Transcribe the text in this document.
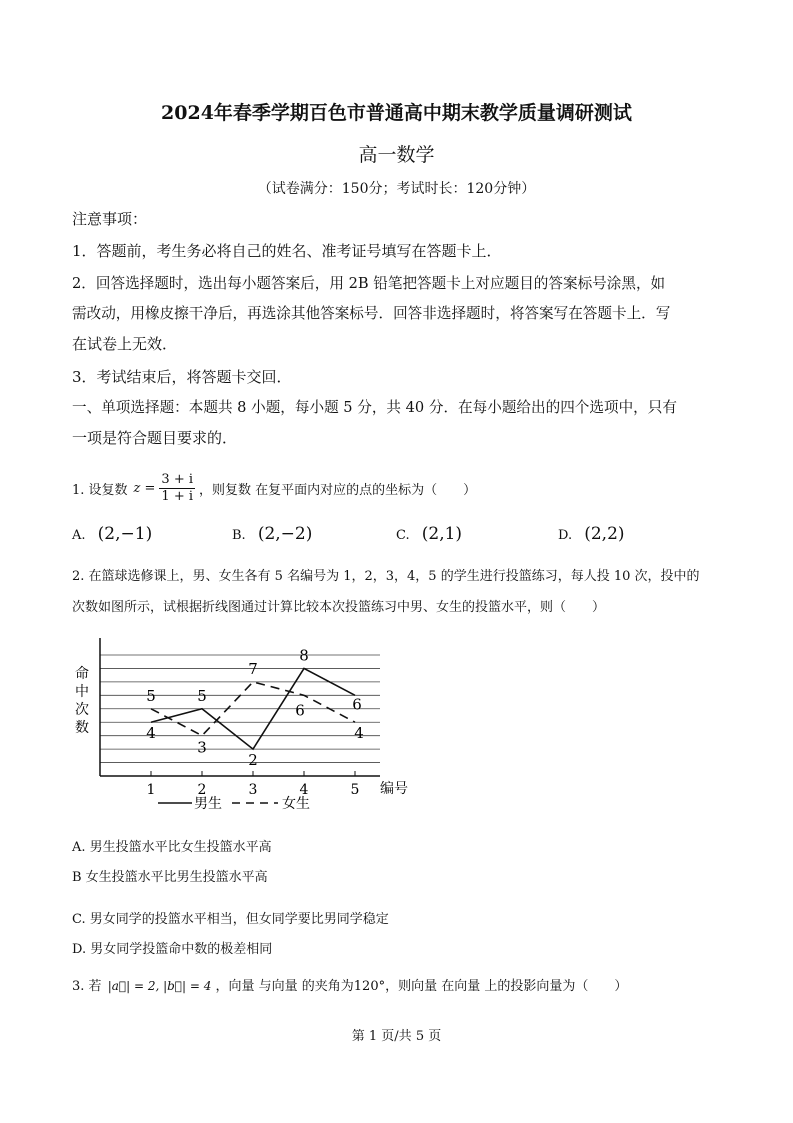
2024年春季学期百色市普通高中期末教学质量调研测试
高一数学
（试卷满分：150分；考试时长：120分钟）
注意事项：
1．答题前，考生务必将自己的姓名、准考证号填写在答题卡上．
2．回答选择题时，选出每小题答案后，用 2B 铅笔把答题卡上对应题目的答案标号涂黑，如
需改动，用橡皮擦干净后，再选涂其他答案标号．回答非选择题时，将答案写在答题卡上．写
在试卷上无效．
3．考试结束后，将答题卡交回．
一、单项选择题：本题共 8 小题，每小题 5 分，共 40 分．在每小题给出的四个选项中，只有
一项是符合题目要求的．
1. 设复数 $z = \frac{3 + i}{1 + i}$ ，则复数 在复平面内对应的点的坐标为（　　）
A. (2,−1)	B. (2,−2)	C. (2,1)	D. (2,2)
2. 在篮球选修课上，男、女生各有 5 名编号为 1，2，3，4，5 的学生进行投篮练习，每人投 10 次，投中的
次数如图所示，试根据折线图通过计算比较本次投篮练习中男、女生的投篮水平，则（　　）
命
中
次
数
1	2	3	4	5 编号
4
5
2
8
6
5
3
7
6
4
男生	女生
A. 男生投篮水平比女生投篮水平高
B 女生投篮水平比男生投篮水平高
C. 男女同学的投篮水平相当，但女同学要比男同学稳定
D. 男女同学投篮命中数的极差相同
3. 若 |a⃗| = 2, |b⃗| = 4 ，向量 与向量 的夹角为120°，则向量 在向量 上的投影向量为（　　）
第 1 页/共 5 页
